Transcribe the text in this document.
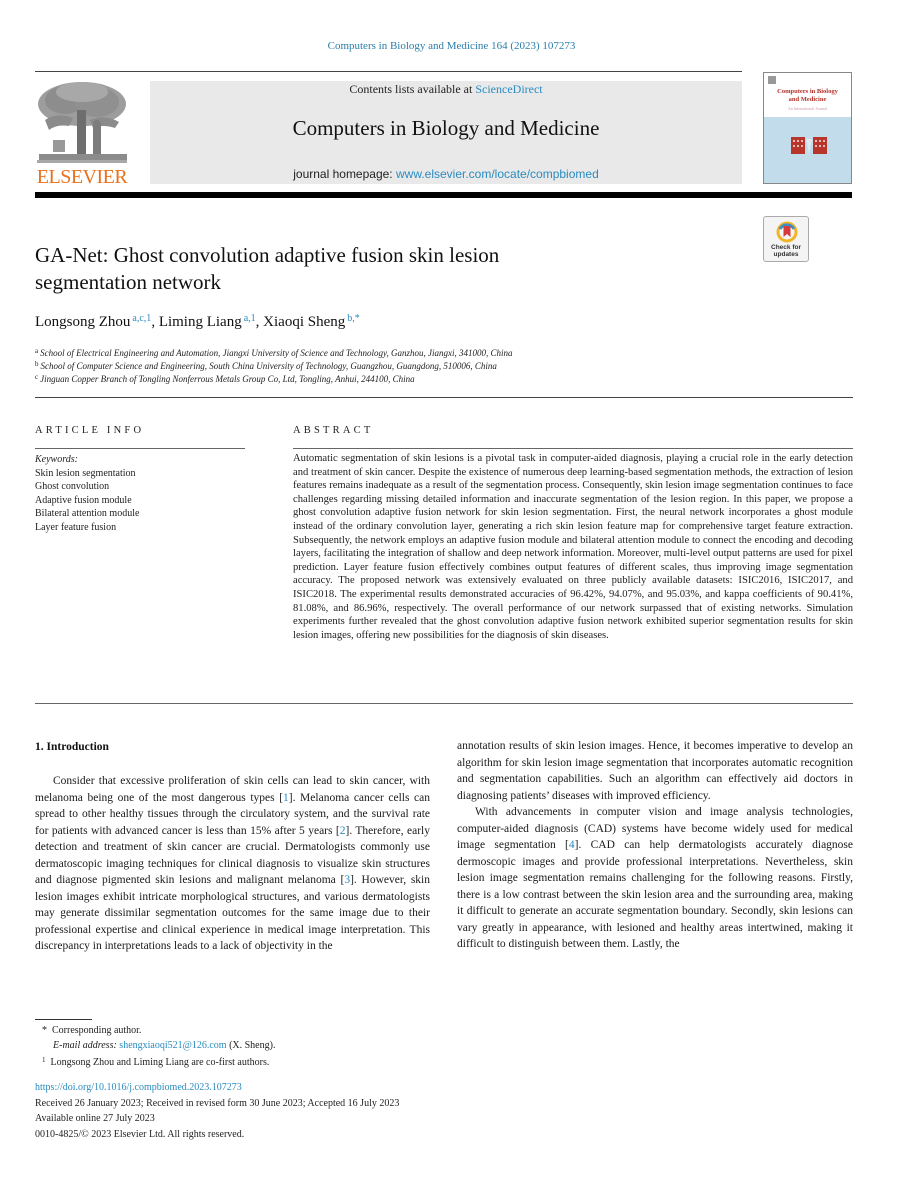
Computers in Biology and Medicine 164 (2023) 107273
ELSEVIER
Contents lists available at ScienceDirect
Computers in Biology and Medicine
journal homepage: www.elsevier.com/locate/compbiomed
Computers in Biology
and Medicine
An International Journal
Check for
updates
GA-Net: Ghost convolution adaptive fusion skin lesion
segmentation network
Longsong Zhou $^{a,c,1}$, Liming Liang $^{a,1}$, Xiaoqi Sheng $^{b,*}$
$^a$ School of Electrical Engineering and Automation, Jiangxi University of Science and Technology, Ganzhou, Jiangxi, 341000, China
$^b$ School of Computer Science and Engineering, South China University of Technology, Guangzhou, Guangdong, 510006, China
$^c$ Jinguan Copper Branch of Tongling Nonferrous Metals Group Co, Ltd, Tongling, Anhui, 244100, China
ARTICLE INFO
Keywords:
Skin lesion segmentation
Ghost convolution
Adaptive fusion module
Bilateral attention module
Layer feature fusion
ABSTRACT
Automatic segmentation of skin lesions is a pivotal task in computer-aided diagnosis, playing a crucial role in the early detection and treatment of skin cancer. Despite the existence of numerous deep learning-based segmentation methods, the extraction of lesion features remains inadequate as a result of the segmentation process. Consequently, skin lesion image segmentation continues to face challenges regarding missing detailed information and inaccurate segmentation of the lesion region. In this paper, we propose a ghost convolution adaptive fusion network for skin lesion segmentation. First, the neural network incorporates a ghost module instead of the ordinary convolution layer, generating a rich skin lesion feature map for comprehensive target feature extraction. Subsequently, the network employs an adaptive fusion module and bilateral attention module to connect the encoding and decoding layers, facilitating the integration of shallow and deep network information. Moreover, multi-level output patterns are used for pixel prediction. Layer feature fusion effectively combines output features of different scales, thus improving image segmentation accuracy. The proposed network was extensively evaluated on three publicly available datasets: ISIC2016, ISIC2017, and ISIC2018. The experimental results demonstrated accuracies of 96.42%, 94.07%, and 95.03%, and kappa coefficients of 90.41%, 81.08%, and 86.96%, respectively. The overall performance of our network surpassed that of existing networks. Simulation experiments further revealed that the ghost convolution adaptive fusion network exhibited superior segmentation results for skin lesion images, offering new possibilities for the diagnosis of skin diseases.
1. Introduction

Consider that excessive proliferation of skin cells can lead to skin cancer, with melanoma being one of the most dangerous types [1]. Melanoma cancer cells can spread to other healthy tissues through the circulatory system, and the survival rate for patients with advanced cancer is less than 15% after 5 years [2]. Therefore, early detection and treatment of skin cancer are crucial. Dermatologists commonly use dermatoscopic imaging techniques for clinical diagnosis to visualize skin structures and diagnose pigmented skin lesions and malignant melanoma [3]. However, skin lesion images exhibit intricate morphological structures, and various dermatologists may generate dissimilar segmentation outcomes for the same image due to their professional expertise and clinical experience in medical image interpretation. This discrepancy in interpretations leads to a lack of objectivity in the

annotation results of skin lesion images. Hence, it becomes imperative to develop an algorithm for skin lesion image segmentation that incorporates automatic recognition and segmentation capabilities. Such an algorithm can effectively aid doctors in diagnosing patients’ diseases with improved efficiency.

With advancements in computer vision and image analysis technologies, computer-aided diagnosis (CAD) systems have become widely used for medical image segmentation [4]. CAD can help dermatologists accurately diagnose dermoscopic images and provide professional interpretations. Nevertheless, skin lesion image segmentation remains challenging for the following reasons. Firstly, there is a low contrast between the skin lesion area and the surrounding area, making it difficult to generate an accurate segmentation boundary. Secondly, skin lesions can vary greatly in appearance, with lesioned and healthy areas intertwined, making it difficult to distinguish between them. Lastly, the

* Corresponding author.
E-mail address: shengxiaoqi521@126.com (X. Sheng).
$^1$ Longsong Zhou and Liming Liang are co-first authors.
https://doi.org/10.1016/j.compbiomed.2023.107273
Received 26 January 2023; Received in revised form 30 June 2023; Accepted 16 July 2023
Available online 27 July 2023
0010-4825/© 2023 Elsevier Ltd. All rights reserved.
